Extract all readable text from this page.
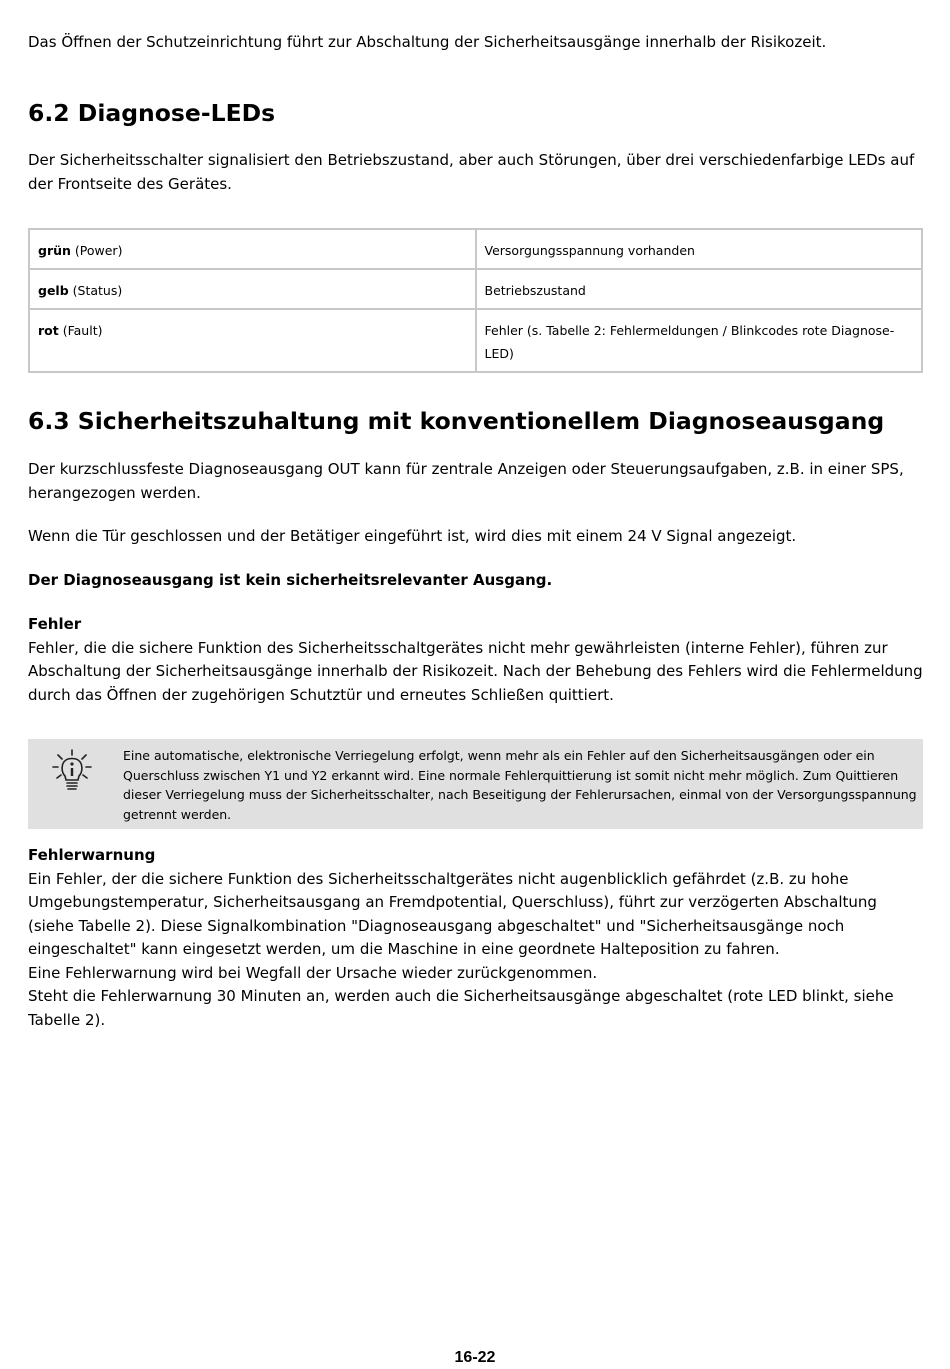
Das Öffnen der Schutzeinrichtung führt zur Abschaltung der Sicherheitsausgänge innerhalb der Risikozeit.

6.2 Diagnose-LEDs

Der Sicherheitsschalter signalisiert den Betriebszustand, aber auch Störungen, über drei verschiedenfarbige LEDs auf der Frontseite des Gerätes.

grün (Power)	Versorgungsspannung vorhanden
gelb (Status)	Betriebszustand
rot (Fault)	Fehler (s. Tabelle 2: Fehlermeldungen / Blinkcodes rote Diagnose-LED)
6.3 Sicherheitszuhaltung mit konventionellem Diagnoseausgang

Der kurzschlussfeste Diagnoseausgang OUT kann für zentrale Anzeigen oder Steuerungsaufgaben, z.B. in einer SPS, herangezogen werden.

Wenn die Tür geschlossen und der Betätiger eingeführt ist, wird dies mit einem 24 V Signal angezeigt.

Der Diagnoseausgang ist kein sicherheitsrelevanter Ausgang.

Fehler

Fehler, die die sichere Funktion des Sicherheitsschaltgerätes nicht mehr gewährleisten (interne Fehler), führen zur Abschaltung der Sicherheitsausgänge innerhalb der Risikozeit. Nach der Behebung des Fehlers wird die Fehlermeldung durch das Öffnen der zugehörigen Schutztür und erneutes Schließen quittiert.

Eine automatische, elektronische Verriegelung erfolgt, wenn mehr als ein Fehler auf den Sicherheitsausgängen oder ein Querschluss zwischen Y1 und Y2 erkannt wird. Eine normale Fehlerquittierung ist somit nicht mehr möglich. Zum Quittieren dieser Verriegelung muss der Sicherheitsschalter, nach Beseitigung der Fehlerursachen, einmal von der Versorgungsspannung getrennt werden.

Fehlerwarnung

Ein Fehler, der die sichere Funktion des Sicherheitsschaltgerätes nicht augenblicklich gefährdet (z.B. zu hohe Umgebungstemperatur, Sicherheitsausgang an Fremdpotential, Querschluss), führt zur verzögerten Abschaltung (siehe Tabelle 2). Diese Signalkombination "Diagnoseausgang abgeschaltet" und "Sicherheitsausgänge noch eingeschaltet" kann eingesetzt werden, um die Maschine in eine geordnete Halteposition zu fahren.

Eine Fehlerwarnung wird bei Wegfall der Ursache wieder zurückgenommen.

Steht die Fehlerwarnung 30 Minuten an, werden auch die Sicherheitsausgänge abgeschaltet (rote LED blinkt, siehe Tabelle 2).

16-22
